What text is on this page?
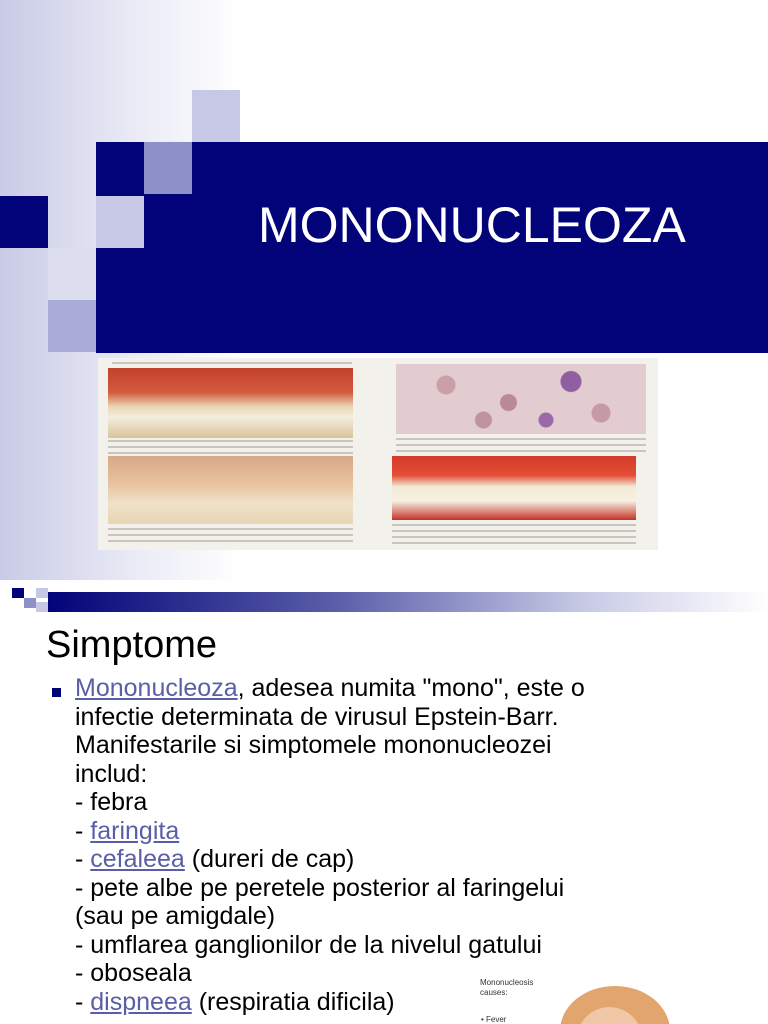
MONONUCLEOZA
Simptome
Mononucleoza, adesea numita "mono", este o
infectie determinata de virusul Epstein-Barr.
Manifestarile si simptomele mononucleozei
includ:
- febra
- faringita
- cefaleea (dureri de cap)
- pete albe pe peretele posterior al faringelui
(sau pe amigdale)
- umflarea ganglionilor de la nivelul gatului
- oboseala
- dispneea (respiratia dificila)
Mononucleosis
causes:
• Fever
